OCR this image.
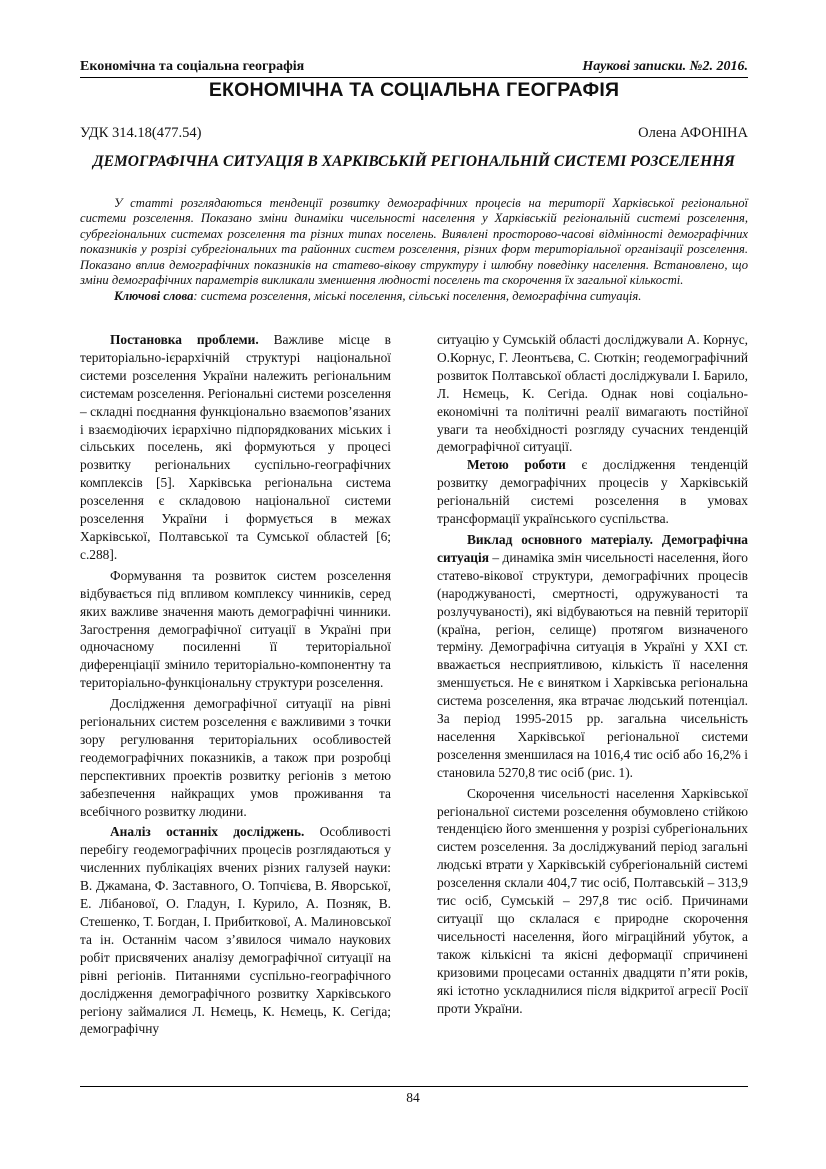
Економічна та соціальна географія	Наукові записки. №2. 2016.
ЕКОНОМІЧНА ТА СОЦІАЛЬНА ГЕОГРАФІЯ
УДК 314.18(477.54)	Олена АФОНІНА
ДЕМОГРАФІЧНА СИТУАЦІЯ В ХАРКІВСЬКІЙ РЕГІОНАЛЬНІЙ СИСТЕМІ РОЗСЕЛЕННЯ

У статті розглядаються тенденції розвитку демографічних процесів на території Харківської регіональної системи розселення. Показано зміни динаміки чисельності населення у Харківській регіональній системі розселення, субрегіональних системах розселення та різних типах поселень. Виявлені просторово-часові відмінності демографічних показників у розрізі субрегіональних та районних систем розселення, різних форм територіальної організації розселення. Показано вплив демографічних показників на статево-вікову структуру і шлюбну поведінку населення. Встановлено, що зміни демографічних параметрів викликали зменшення людності поселень та скорочення їх загальної кількості.

Ключові слова: система розселення, міські поселення, сільські поселення, демографічна ситуація.

Постановка проблеми. Важливе місце в територіально-ієрархічній структурі національної системи розселення України належить регіональним системам розселення. Регіональні системи розселення – складні поєднання функціонально взаємопов’язаних і взаємодіючих ієрархічно підпорядкованих міських і сільських поселень, які формуються у процесі розвитку регіональних суспільно-географічних комплексів [5]. Харківська регіональна система розселення є складовою національної системи розселення України і формується в межах Харківської, Полтавської та Сумської областей [6; с.288].

Формування та розвиток систем розселення відбувається під впливом комплексу чинників, серед яких важливе значення мають демографічні чинники. Загострення демографічної ситуації в Україні при одночасному посиленні її територіальної диференціації змінило територіально-компонентну та територіально-функціональну структури розселення.

Дослідження демографічної ситуації на рівні регіональних систем розселення є важливими з точки зору регулювання територіальних особливостей геодемографічних показників, а також при розробці перспективних проектів розвитку регіонів з метою забезпечення найкращих умов проживання та всебічного розвитку людини.

Аналіз останніх досліджень. Особливості перебігу геодемографічних процесів розглядаються у численних публікаціях вчених різних галузей науки: В. Джамана, Ф. Заставного, О. Топчієва, В. Яворської, Е. Лібанової, О. Гладун, І. Курило, А. Позняк, В. Стешенко, Т. Богдан, І. Прибиткової, А. Малиновської та ін. Останнім часом з’явилося чимало наукових робіт присвячених аналізу демографічної ситуації на рівні регіонів. Питаннями суспільно-географічного дослідження демографічного розвитку Харківського регіону займалися Л. Нємець, К. Нємець, К. Сегіда; демографічну

ситуацію у Сумській області досліджували А. Корнус, О.Корнус, Г. Леонтьєва, С. Сюткін; геодемографічний розвиток Полтавської області досліджували І. Барило, Л. Нємець, К. Сегіда. Однак нові соціально-економічні та політичні реалії вимагають постійної уваги та необхідності розгляду сучасних тенденцій демографічної ситуації.

Метою роботи є дослідження тенденцій розвитку демографічних процесів у Харківській регіональній системі розселення в умовах трансформації українського суспільства.

Виклад основного матеріалу. Демографічна ситуація – динаміка змін чисельності населення, його статево-вікової структури, демографічних процесів (народжуваності, смертності, одружуваності та розлучуваності), які відбуваються на певній території (країна, регіон, селище) протягом визначеного терміну. Демографічна ситуація в Україні у ХХІ ст. вважається несприятливою, кількість її населення зменшується. Не є винятком і Харківська регіональна система розселення, яка втрачає людський потенціал. За період 1995-2015 рр. загальна чисельність населення Харківської регіональної системи розселення зменшилася на 1016,4 тис осіб або 16,2% і становила 5270,8 тис осіб (рис. 1).

Скорочення чисельності населення Харківської регіональної системи розселення обумовлено стійкою тенденцією його зменшення у розрізі субрегіональних систем розселення. За досліджуваний період загальні людські втрати у Харківській субрегіональній системі розселення склали 404,7 тис осіб, Полтавській – 313,9 тис осіб, Сумській – 297,8 тис осіб. Причинами ситуації що склалася є природне скорочення чисельності населення, його міграційний убуток, а також кількісні та якісні деформації спричинені кризовими процесами останніх двадцяти п’яти років, які істотно ускладнилися після відкритої агресії Росії проти України.

84
